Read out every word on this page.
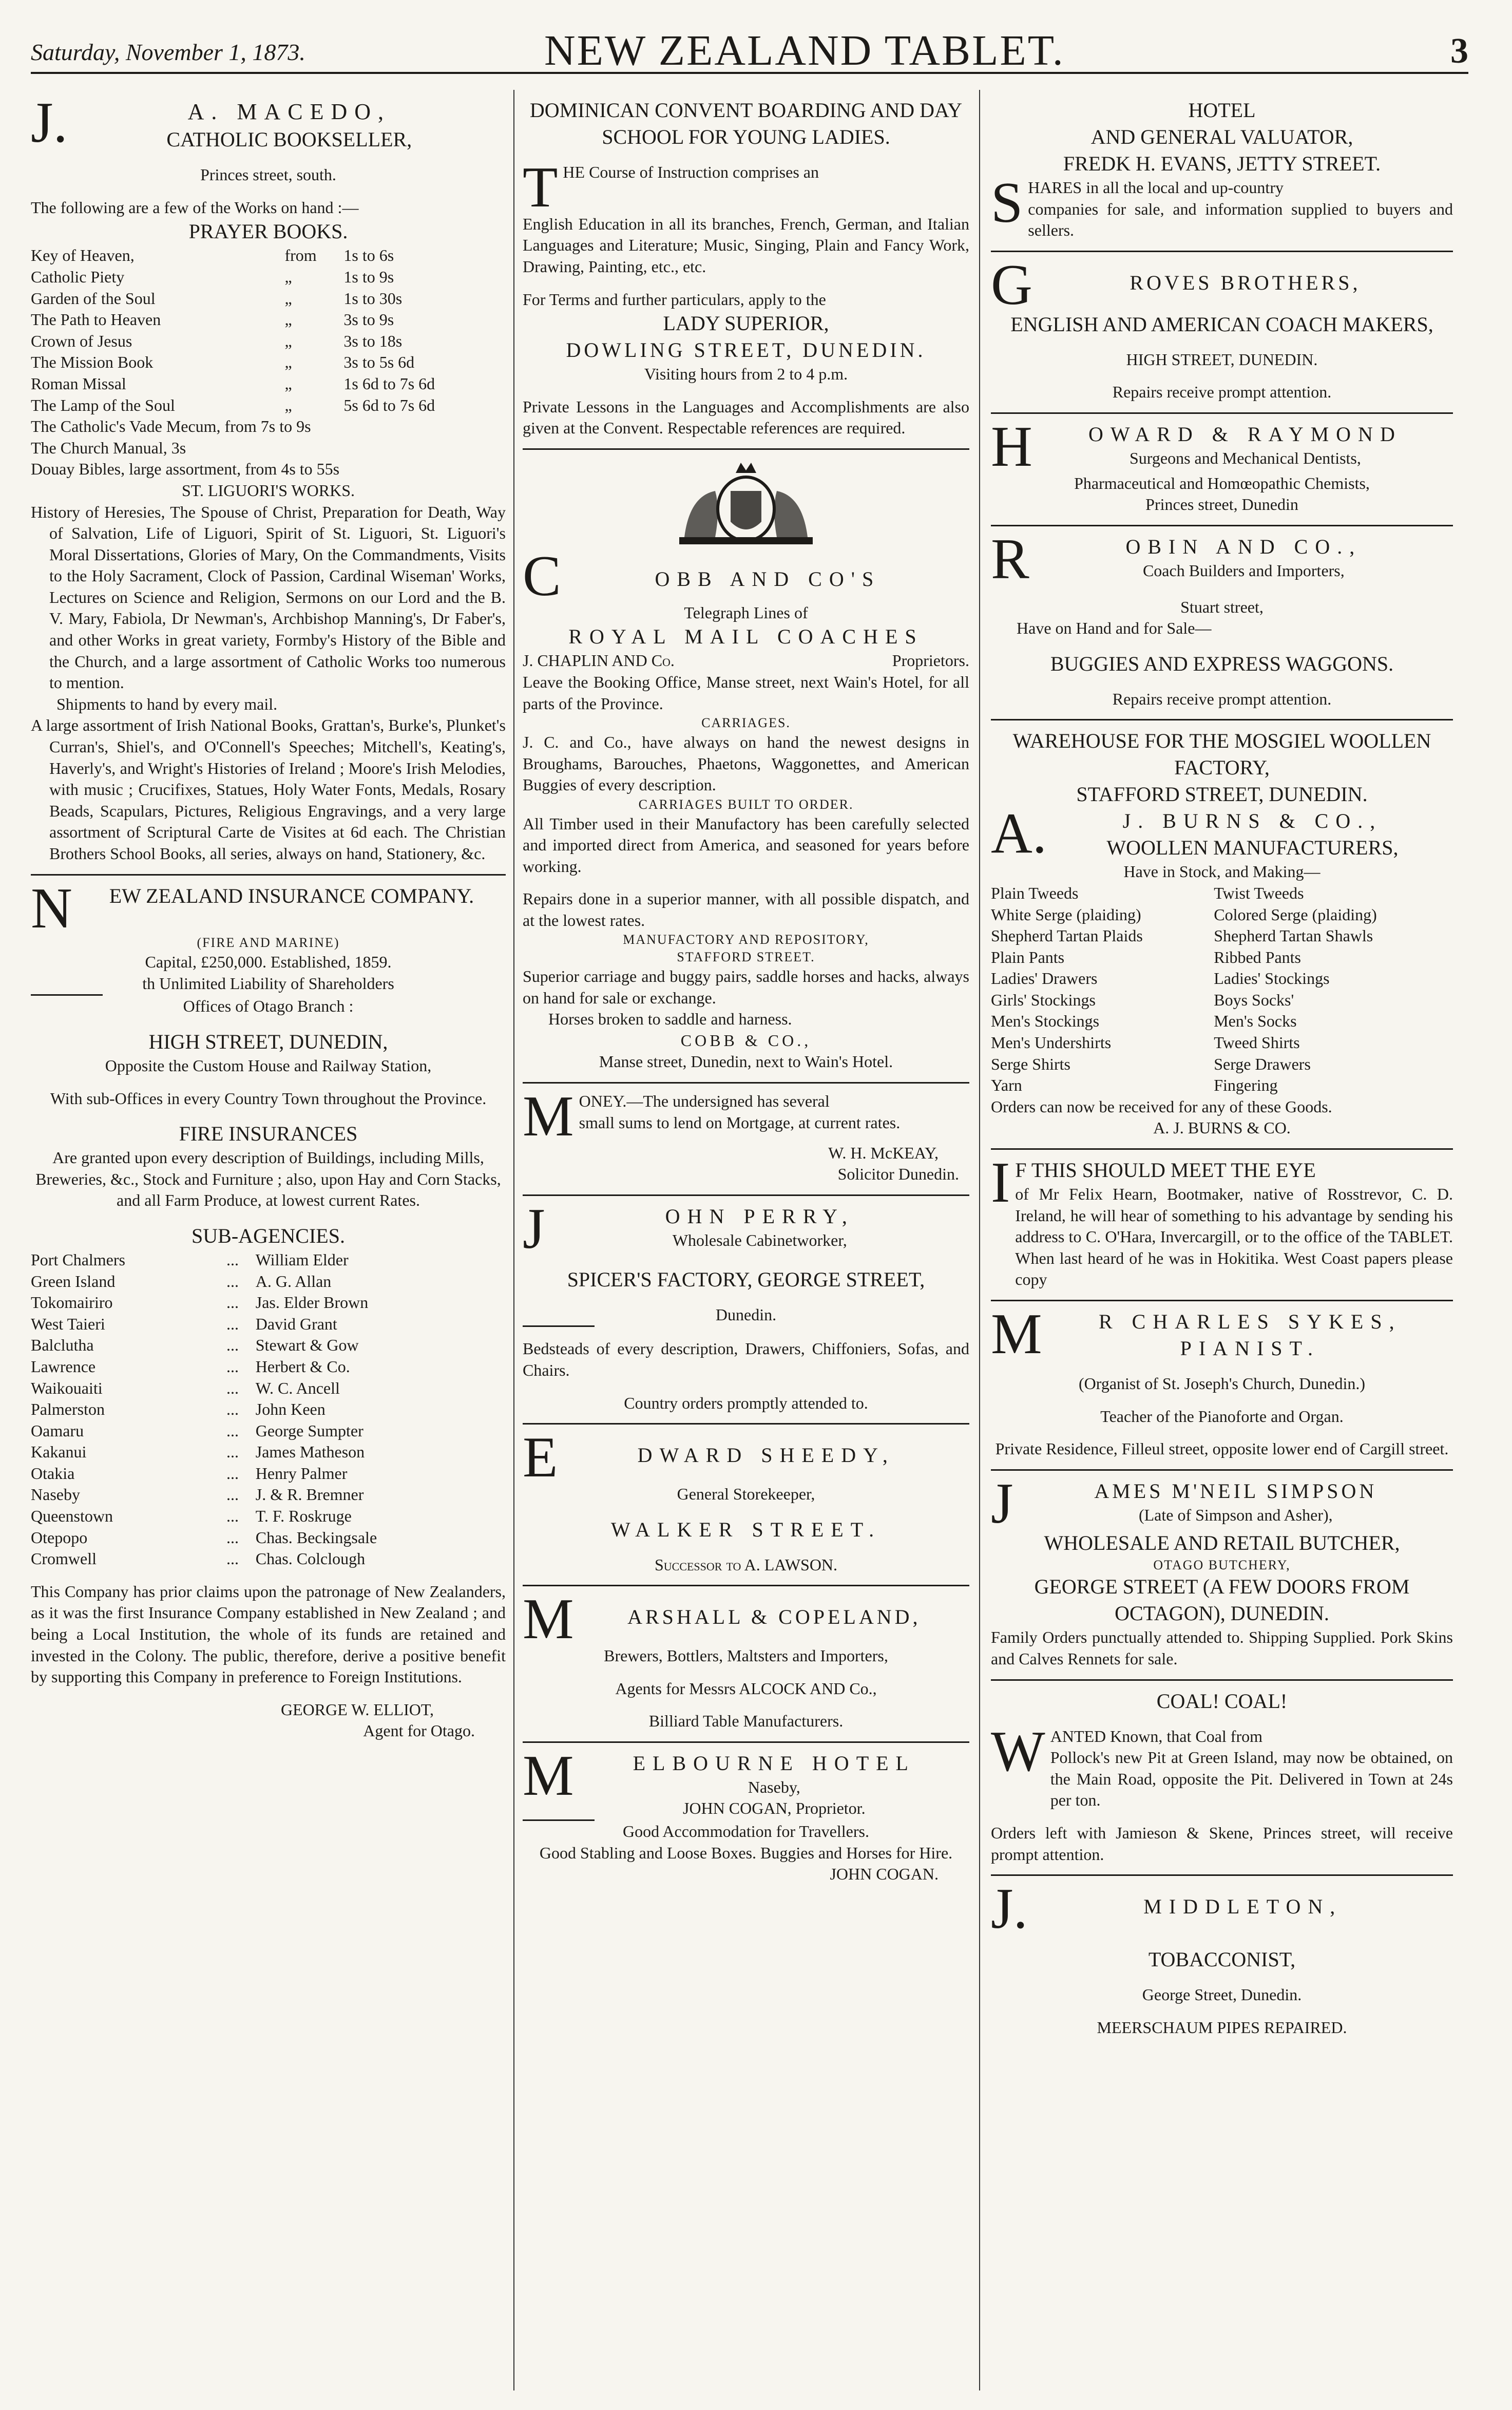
Saturday, November 1, 1873.	NEW ZEALAND TABLET.	3
J.	A. MACEDO,
CATHOLIC BOOKSELLER,
Princes street, south.
The following are a few of the Works on hand :—
PRAYER BOOKS.
Key of Heaven,	from	1s to 6s
Catholic Piety	„	1s to 9s
Garden of the Soul	„	1s to 30s
The Path to Heaven	„	3s to 9s
Crown of Jesus	„	3s to 18s
The Mission Book	„	3s to 5s 6d
Roman Missal	„	1s 6d to 7s 6d
The Lamp of the Soul	„	5s 6d to 7s 6d
The Catholic's Vade Mecum, from 7s to 9s
The Church Manual, 3s
Douay Bibles, large assortment, from 4s to 55s
ST. LIGUORI'S WORKS.
History of Heresies, The Spouse of Christ, Preparation for Death, Way of Salvation, Life of Liguori, Spirit of St. Liguori, St. Liguori's Moral Dissertations, Glories of Mary, On the Commandments, Visits to the Holy Sacrament, Clock of Passion, Cardinal Wiseman' Works, Lectures on Science and Religion, Sermons on our Lord and the B. V. Mary, Fabiola, Dr Newman's, Archbishop Manning's, Dr Faber's, and other Works in great variety, Formby's History of the Bible and the Church, and a large assortment of Catholic Works too numerous to mention.
Shipments to hand by every mail.
A large assortment of Irish National Books, Grattan's, Burke's, Plunket's Curran's, Shiel's, and O'Connell's Speeches; Mitchell's, Keating's, Haverly's, and Wright's Histories of Ireland ; Moore's Irish Melodies, with music ; Crucifixes, Statues, Holy Water Fonts, Medals, Rosary Beads, Scapulars, Pictures, Religious Engravings, and a very large assortment of Scriptural Carte de Visites at 6d each. The Christian Brothers School Books, all series, always on hand, Stationery, &c.
N	EW ZEALAND INSURANCE COMPANY.
(FIRE AND MARINE)
Capital, £250,000. Established, 1859.
th Unlimited Liability of Shareholders
Offices of Otago Branch :
HIGH STREET, DUNEDIN,
Opposite the Custom House and Railway Station,
With sub-Offices in every Country Town throughout the Province.
FIRE INSURANCES
Are granted upon every description of Buildings, including Mills, Breweries, &c., Stock and Furniture ; also, upon Hay and Corn Stacks, and all Farm Produce, at lowest current Rates.
SUB-AGENCIES.
Port Chalmers	...	William Elder
Green Island	...	A. G. Allan
Tokomairiro	...	Jas. Elder Brown
West Taieri	...	David Grant
Balclutha	...	Stewart & Gow
Lawrence	...	Herbert & Co.
Waikouaiti	...	W. C. Ancell
Palmerston	...	John Keen
Oamaru	...	George Sumpter
Kakanui	...	James Matheson
Otakia	...	Henry Palmer
Naseby	...	J. & R. Bremner
Queenstown	...	T. F. Roskruge
Otepopo	...	Chas. Beckingsale
Cromwell	...	Chas. Colclough
This Company has prior claims upon the patronage of New Zealanders, as it was the first Insurance Company established in New Zealand ; and being a Local Institution, the whole of its funds are retained and invested in the Colony. The public, therefore, derive a positive benefit by supporting this Company in preference to Foreign Institutions.
GEORGE W. ELLIOT,
Agent for Otago.
DOMINICAN CONVENT BOARDING AND DAY SCHOOL FOR YOUNG LADIES.
T HE Course of Instruction comprises an
English Education in all its branches, French, German, and Italian Languages and Literature; Music, Singing, Plain and Fancy Work, Drawing, Painting, etc., etc.
For Terms and further particulars, apply to the
LADY SUPERIOR,
DOWLING STREET, DUNEDIN.
Visiting hours from 2 to 4 p.m.
Private Lessons in the Languages and Accomplishments are also given at the Convent. Respectable references are required.
C	OBB AND CO'S
Telegraph Lines of
ROYAL MAIL COACHES
J. CHAPLIN AND Co.	Proprietors.
Leave the Booking Office, Manse street, next Wain's Hotel, for all parts of the Province.
CARRIAGES.
J. C. and Co., have always on hand the newest designs in Broughams, Barouches, Phaetons, Waggonettes, and American Buggies of every description.
CARRIAGES BUILT TO ORDER.
All Timber used in their Manufactory has been carefully selected and imported direct from America, and seasoned for years before working.
Repairs done in a superior manner, with all possible dispatch, and at the lowest rates.
MANUFACTORY AND REPOSITORY,
STAFFORD STREET.
Superior carriage and buggy pairs, saddle horses and hacks, always on hand for sale or exchange.
Horses broken to saddle and harness.
COBB & CO.,
Manse street, Dunedin, next to Wain's Hotel.
M ONEY.—The undersigned has several
small sums to lend on Mortgage, at current rates.
W. H. McKEAY,
Solicitor Dunedin.
J	OHN PERRY,
Wholesale Cabinetworker,
SPICER'S FACTORY, GEORGE STREET,
Dunedin.
Bedsteads of every description, Drawers, Chiffoniers, Sofas, and Chairs.
Country orders promptly attended to.
E	DWARD SHEEDY,
General Storekeeper,
WALKER STREET.
Successor to A. LAWSON.
M	ARSHALL & COPELAND,
Brewers, Bottlers, Maltsters and Importers,
Agents for Messrs ALCOCK AND Co.,
Billiard Table Manufacturers.
M	ELBOURNE HOTEL
Naseby,
JOHN COGAN, Proprietor.
Good Accommodation for Travellers.
Good Stabling and Loose Boxes. Buggies and Horses for Hire.
JOHN COGAN.
HOTEL
AND GENERAL VALUATOR,
FREDK H. EVANS, JETTY STREET.
S HARES in all the local and up-country
companies for sale, and information supplied to buyers and sellers.
G	ROVES BROTHERS,
ENGLISH AND AMERICAN COACH MAKERS,
HIGH STREET, DUNEDIN.
Repairs receive prompt attention.
H	OWARD & RAYMOND
Surgeons and Mechanical Dentists,
Pharmaceutical and Homœopathic Chemists,
Princes street, Dunedin
R	OBIN AND CO.,
Coach Builders and Importers,
Stuart street,
Have on Hand and for Sale—
BUGGIES AND EXPRESS WAGGONS.
Repairs receive prompt attention.
WAREHOUSE FOR THE MOSGIEL WOOLLEN FACTORY,
STAFFORD STREET, DUNEDIN.
A.	J. BURNS & CO.,
WOOLLEN MANUFACTURERS,
Have in Stock, and Making—
Plain Tweeds	Twist Tweeds
White Serge (plaiding)	Colored Serge (plaiding)
Shepherd Tartan Plaids	Shepherd Tartan Shawls
Plain Pants	Ribbed Pants
Ladies' Drawers	Ladies' Stockings
Girls' Stockings	Boys Socks'
Men's Stockings	Men's Socks
Men's Undershirts	Tweed Shirts
Serge Shirts	Serge Drawers
Yarn	Fingering
Orders can now be received for any of these Goods.
A. J. BURNS & CO.
I F THIS SHOULD MEET THE EYE
of Mr Felix Hearn, Bootmaker, native of Rosstrevor, C. D. Ireland, he will hear of something to his advantage by sending his address to C. O'Hara, Invercargill, or to the office of the TABLET. When last heard of he was in Hokitika. West Coast papers please copy
M	R CHARLES SYKES,
PIANIST.
(Organist of St. Joseph's Church, Dunedin.)
Teacher of the Pianoforte and Organ.
Private Residence, Filleul street, opposite lower end of Cargill street.
J	AMES M'NEIL SIMPSON
(Late of Simpson and Asher),
WHOLESALE AND RETAIL BUTCHER,
OTAGO BUTCHERY,
GEORGE STREET (A FEW DOORS FROM OCTAGON), DUNEDIN.
Family Orders punctually attended to. Shipping Supplied. Pork Skins and Calves Rennets for sale.
COAL! COAL!
W ANTED Known, that Coal from
Pollock's new Pit at Green Island, may now be obtained, on the Main Road, opposite the Pit. Delivered in Town at 24s per ton.
Orders left with Jamieson & Skene, Princes street, will receive prompt attention.
J.	MIDDLETON,
TOBACCONIST,
George Street, Dunedin.
MEERSCHAUM PIPES REPAIRED.
